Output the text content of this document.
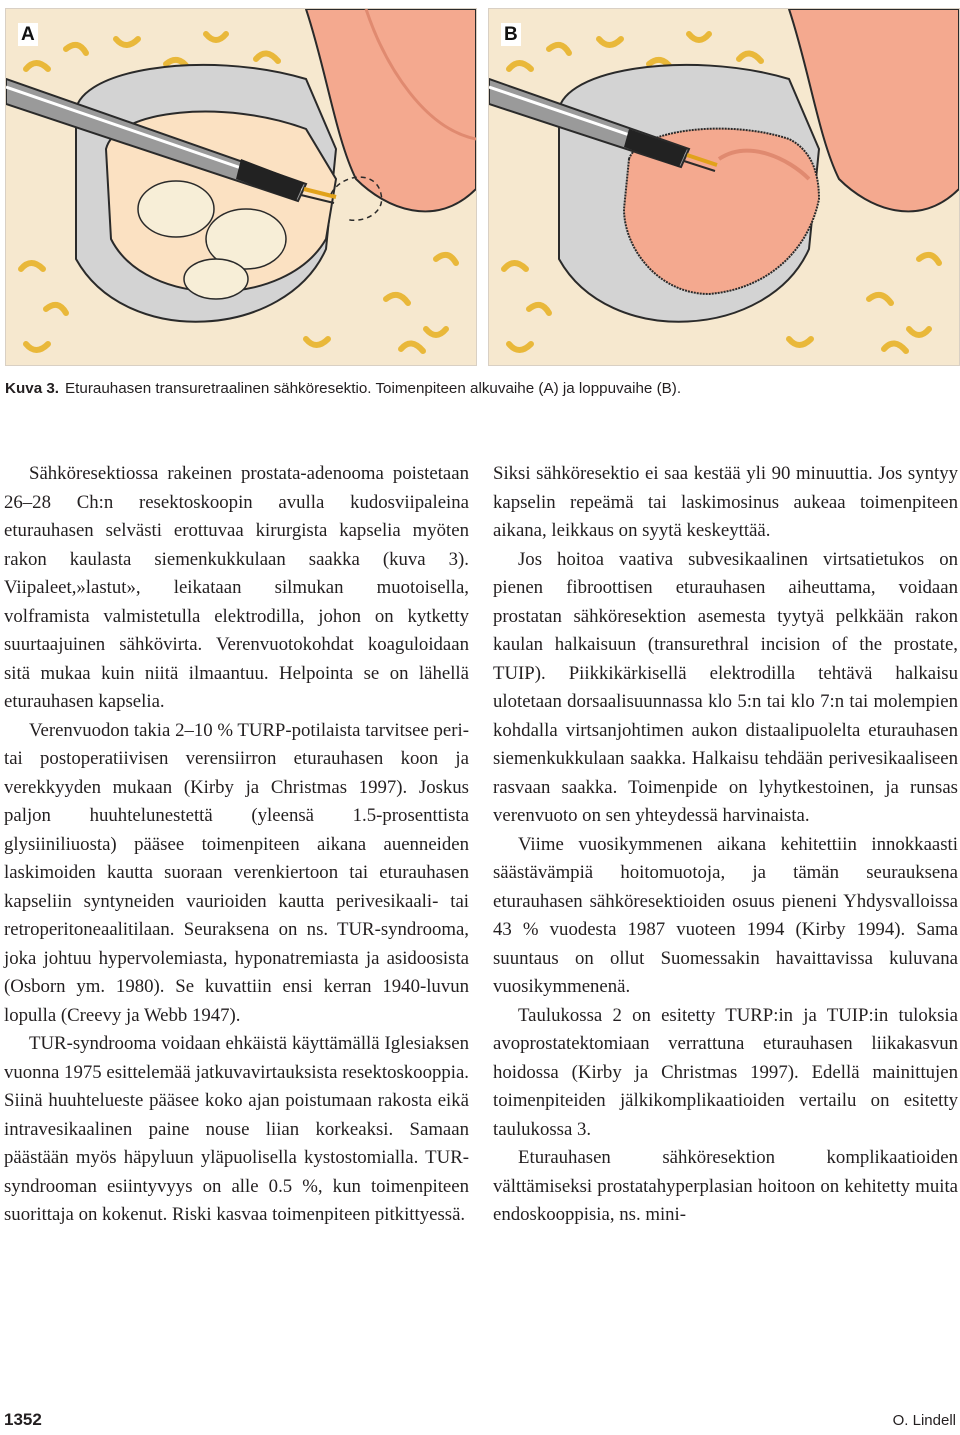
A	B
Kuva 3. Eturauhasen transuretraalinen sähköresektio. Toimenpiteen alkuvaihe (A) ja loppuvaihe (B).

Sähköresektiossa rakeinen prostata-adenooma poistetaan 26–28 Ch:n resektoskoopin avulla kudosviipaleina eturauhasen selvästi erottuvaa kirurgista kapselia myöten rakon kaulasta siemenkukkulaan saakka (kuva 3). Viipaleet,»lastut», leikataan silmukan muotoisella, volframista valmistetulla elektrodilla, johon on kytketty suurtaajuinen sähkövirta. Verenvuotokohdat koaguloidaan sitä mukaa kuin niitä ilmaantuu. Helpointa se on lähellä eturauhasen kapselia.

Verenvuodon takia 2–10 % TURP-potilaista tarvitsee peri- tai postoperatiivisen verensiirron eturauhasen koon ja verekkyyden mukaan (Kirby ja Christmas 1997). Joskus paljon huuhtelunestettä (yleensä 1.5-prosenttista glysiiniliuosta) pääsee toimenpiteen aikana auenneiden laskimoiden kautta suoraan verenkiertoon tai eturauhasen kapseliin syntyneiden vaurioiden kautta perivesikaali- tai retroperitoneaalitilaan. Seuraksena on ns. TUR-syndrooma, joka johtuu hypervolemiasta, hyponatremiasta ja asidoosista (Osborn ym. 1980). Se kuvattiin ensi kerran 1940-luvun lopulla (Creevy ja Webb 1947).

TUR-syndrooma voidaan ehkäistä käyttämällä Iglesiaksen vuonna 1975 esittelemää jatkuvavirtauksista resektoskooppia. Siinä huuhtelueste pääsee koko ajan poistumaan rakosta eikä intravesikaalinen paine nouse liian korkeaksi. Samaan päästään myös häpyluun yläpuolisella kystostomialla. TUR-syndrooman esiintyvyys on alle 0.5 %, kun toimenpiteen suorittaja on kokenut. Riski kasvaa toimenpiteen pitkittyessä.

Siksi sähköresektio ei saa kestää yli 90 minuuttia. Jos syntyy kapselin repeämä tai laskimosinus aukeaa toimenpiteen aikana, leikkaus on syytä keskeyttää.

Jos hoitoa vaativa subvesikaalinen virtsatietukos on pienen fibroottisen eturauhasen aiheuttama, voidaan prostatan sähköresektion asemesta tyytyä pelkkään rakon kaulan halkaisuun (transurethral incision of the prostate, TUIP). Piikkikärkisellä elektrodilla tehtävä halkaisu ulotetaan dorsaalisuunnassa klo 5:n tai klo 7:n tai molempien kohdalla virtsanjohtimen aukon distaalipuolelta eturauhasen siemenkukkulaan saakka. Halkaisu tehdään perivesikaaliseen rasvaan saakka. Toimenpide on lyhytkestoinen, ja runsas verenvuoto on sen yhteydessä harvinaista.

Viime vuosikymmenen aikana kehitettiin innokkaasti säästävämpiä hoitomuotoja, ja tämän seurauksena eturauhasen sähköresektioiden osuus pieneni Yhdysvalloissa 43 % vuodesta 1987 vuoteen 1994 (Kirby 1994). Sama suuntaus on ollut Suomessakin havaittavissa kuluvana vuosikymmenenä.

Taulukossa 2 on esitetty TURP:in ja TUIP:in tuloksia avoprostatektomiaan verrattuna eturauhasen liikakasvun hoidossa (Kirby ja Christmas 1997). Edellä mainittujen toimenpiteiden jälkikomplikaatioiden vertailu on esitetty taulukossa 3.

Eturauhasen sähköresektion komplikaatioiden välttämiseksi prostatahyperplasian hoitoon on kehitetty muita endoskooppisia, ns. mini-

1352	O. Lindell
